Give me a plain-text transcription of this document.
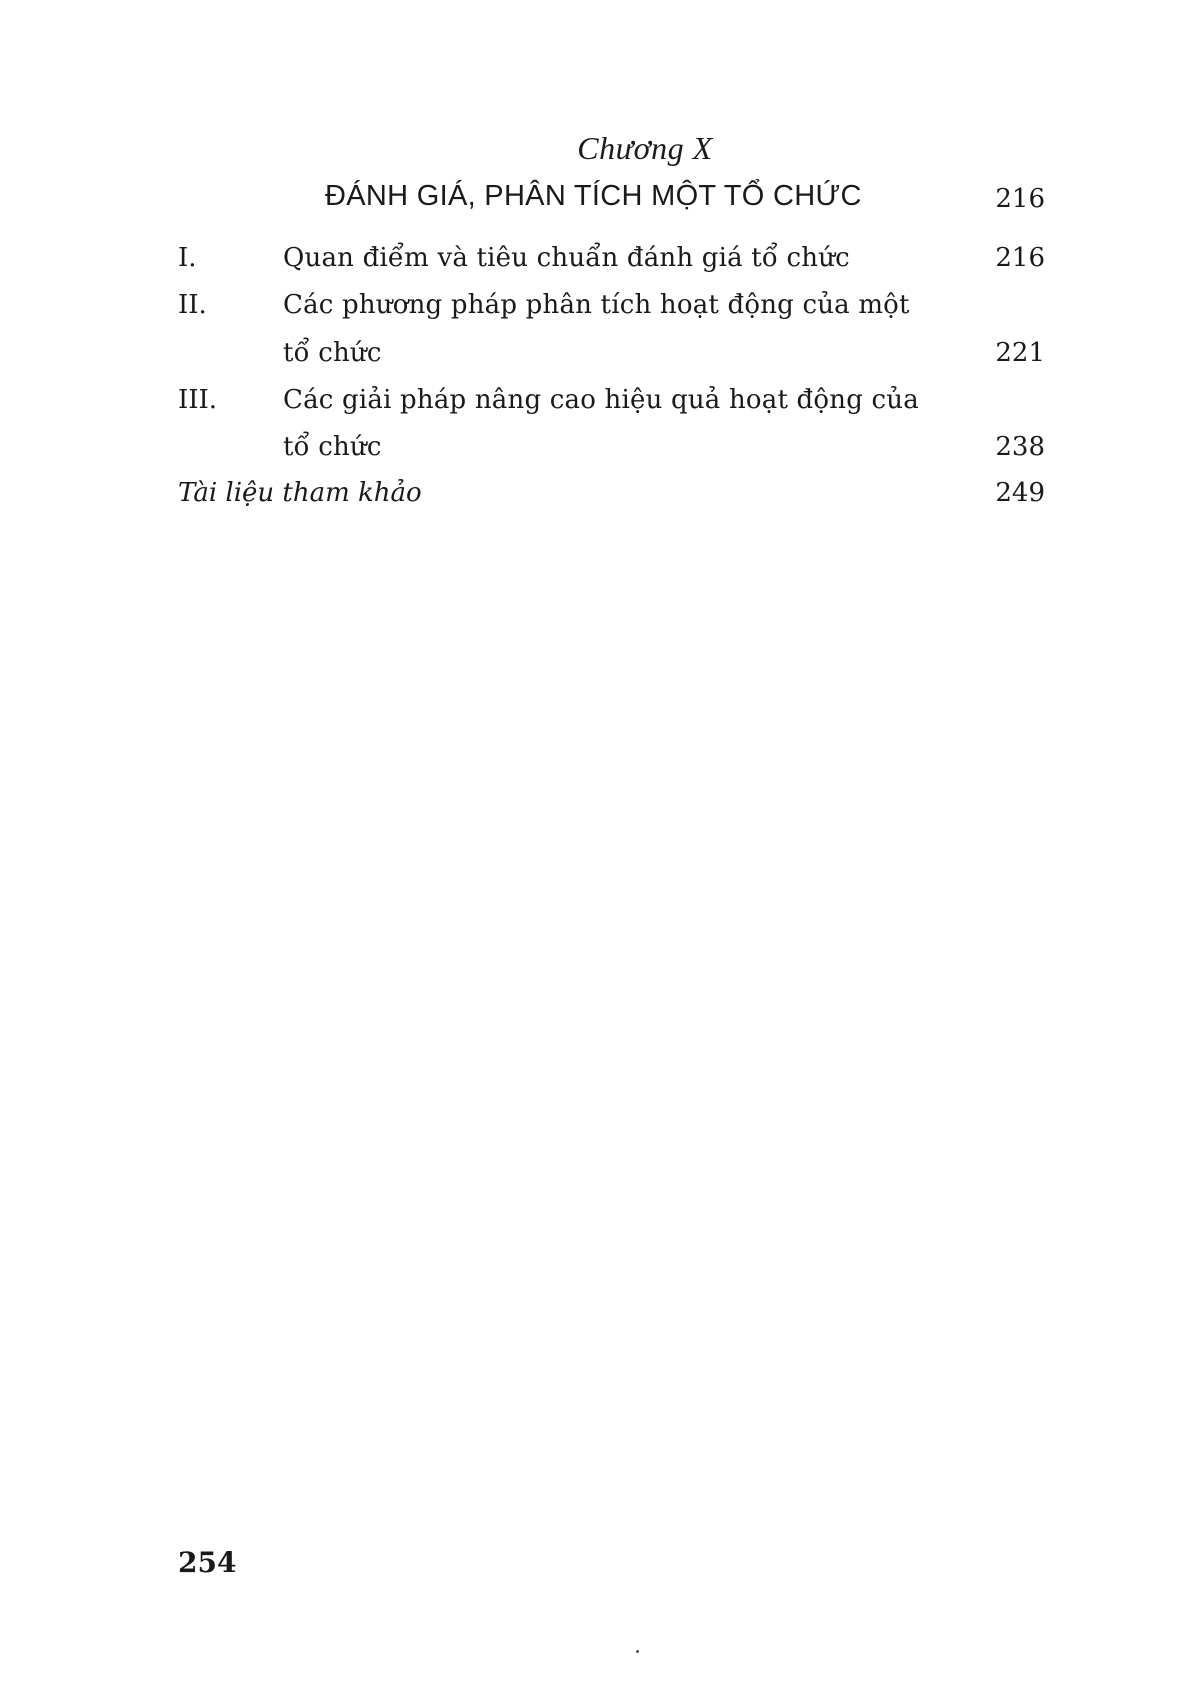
Chương X
ĐÁNH GIÁ, PHÂN TÍCH MỘT TỔ CHỨC	216
I.	Quan điểm và tiêu chuẩn đánh giá tổ chức	216
II.	Các phương pháp phân tích hoạt động của một
tổ chức	221
III.	Các giải pháp nâng cao hiệu quả hoạt động của
tổ chức	238
Tài liệu tham khảo	249
254
